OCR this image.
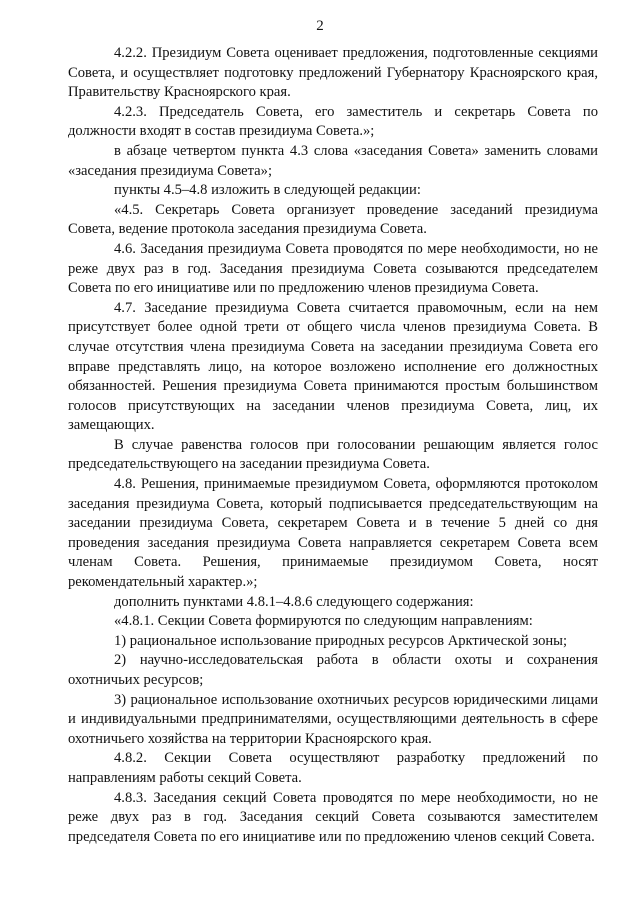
2

4.2.2. Президиум Совета оценивает предложения, подготовленные секциями Совета, и осуществляет подготовку предложений Губернатору Красноярского края, Правительству Красноярского края.

4.2.3. Председатель Совета, его заместитель и секретарь Совета по должности входят в состав президиума Совета.»;

в абзаце четвертом пункта 4.3 слова «заседания Совета» заменить словами «заседания президиума Совета»;

пункты 4.5–4.8 изложить в следующей редакции:

«4.5. Секретарь Совета организует проведение заседаний президиума Совета, ведение протокола заседания президиума Совета.

4.6. Заседания президиума Совета проводятся по мере необходимости, но не реже двух раз в год. Заседания президиума Совета созываются председателем Совета по его инициативе или по предложению членов президиума Совета.

4.7. Заседание президиума Совета считается правомочным, если на нем присутствует более одной трети от общего числа членов президиума Совета. В случае отсутствия члена президиума Совета на заседании президиума Совета его вправе представлять лицо, на которое возложено исполнение его должностных обязанностей. Решения президиума Совета принимаются простым большинством голосов присутствующих на заседании членов президиума Совета, лиц, их замещающих.

В случае равенства голосов при голосовании решающим является голос председательствующего на заседании президиума Совета.

4.8. Решения, принимаемые президиумом Совета, оформляются протоколом заседания президиума Совета, который подписывается председательствующим на заседании президиума Совета, секретарем Совета и в течение 5 дней со дня проведения заседания президиума Совета направляется секретарем Совета всем членам Совета. Решения, принимаемые президиумом Совета, носят рекомендательный характер.»;

дополнить пунктами 4.8.1–4.8.6 следующего содержания:

«4.8.1. Секции Совета формируются по следующим направлениям:

1) рациональное использование природных ресурсов Арктической зоны;

2) научно-исследовательская работа в области охоты и сохранения охотничьих ресурсов;

3) рациональное использование охотничьих ресурсов юридическими лицами и индивидуальными предпринимателями, осуществляющими деятельность в сфере охотничьего хозяйства на территории Красноярского края.

4.8.2. Секции Совета осуществляют разработку предложений по направлениям работы секций Совета.

4.8.3. Заседания секций Совета проводятся по мере необходимости, но не реже двух раз в год. Заседания секций Совета созываются заместителем председателя Совета по его инициативе или по предложению членов секций Совета.
